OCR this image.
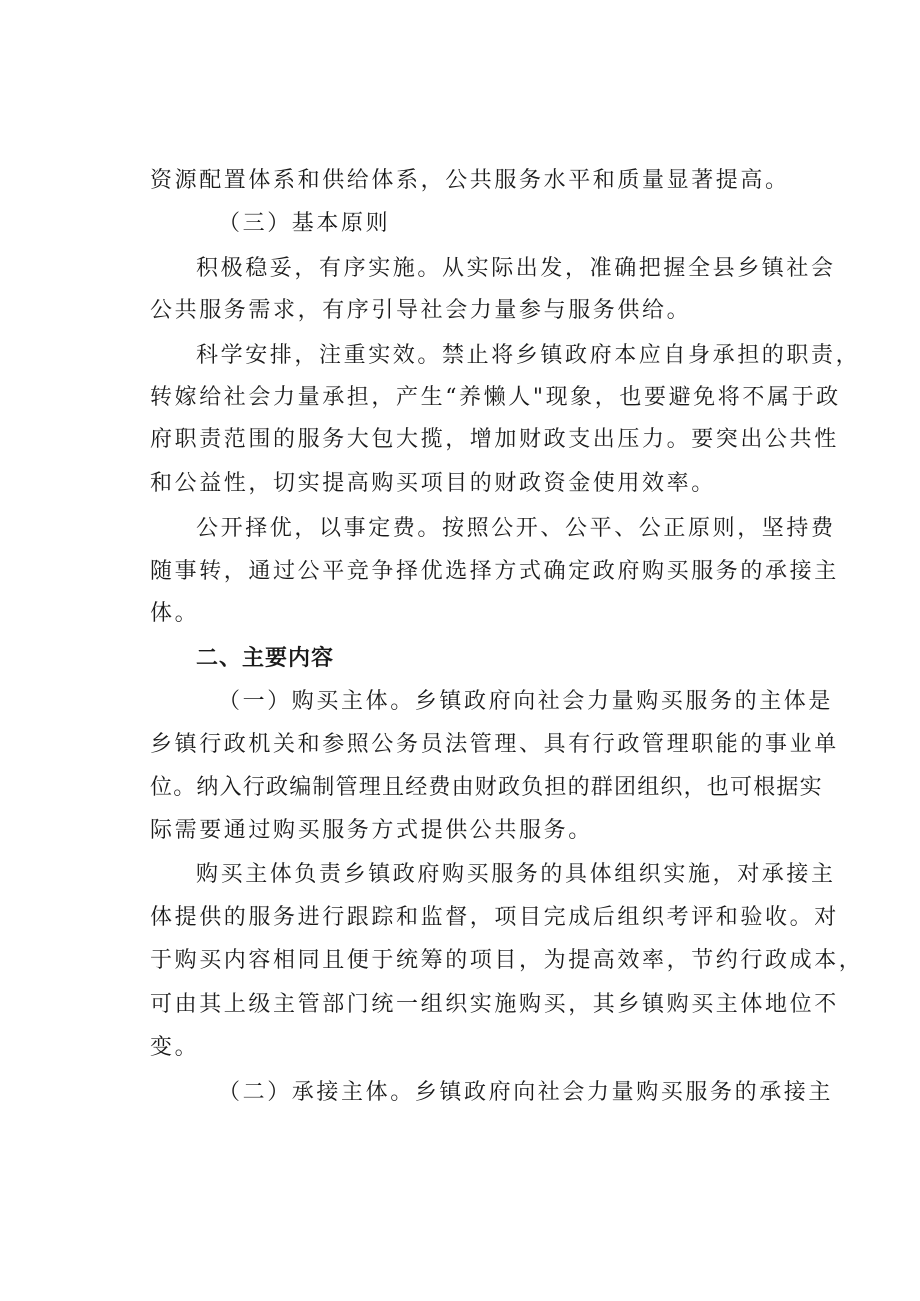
资源配置体系和供给体系，公共服务水平和质量显著提高。
（三）基本原则
积极稳妥，有序实施。从实际出发，准确把握全县乡镇社会
公共服务需求，有序引导社会力量参与服务供给。
科学安排，注重实效。禁止将乡镇政府本应自身承担的职责，
转嫁给社会力量承担，产生“养懒人"现象，也要避免将不属于政
府职责范围的服务大包大揽，增加财政支出压力。要突出公共性
和公益性，切实提高购买项目的财政资金使用效率。
公开择优，以事定费。按照公开、公平、公正原则，坚持费
随事转，通过公平竞争择优选择方式确定政府购买服务的承接主
体。
二、主要内容
（一）购买主体。乡镇政府向社会力量购买服务的主体是
乡镇行政机关和参照公务员法管理、具有行政管理职能的事业单
位。纳入行政编制管理且经费由财政负担的群团组织，也可根据实
际需要通过购买服务方式提供公共服务。
购买主体负责乡镇政府购买服务的具体组织实施，对承接主
体提供的服务进行跟踪和监督，项目完成后组织考评和验收。对
于购买内容相同且便于统筹的项目，为提高效率，节约行政成本，
可由其上级主管部门统一组织实施购买，其乡镇购买主体地位不
变。
（二）承接主体。乡镇政府向社会力量购买服务的承接主
